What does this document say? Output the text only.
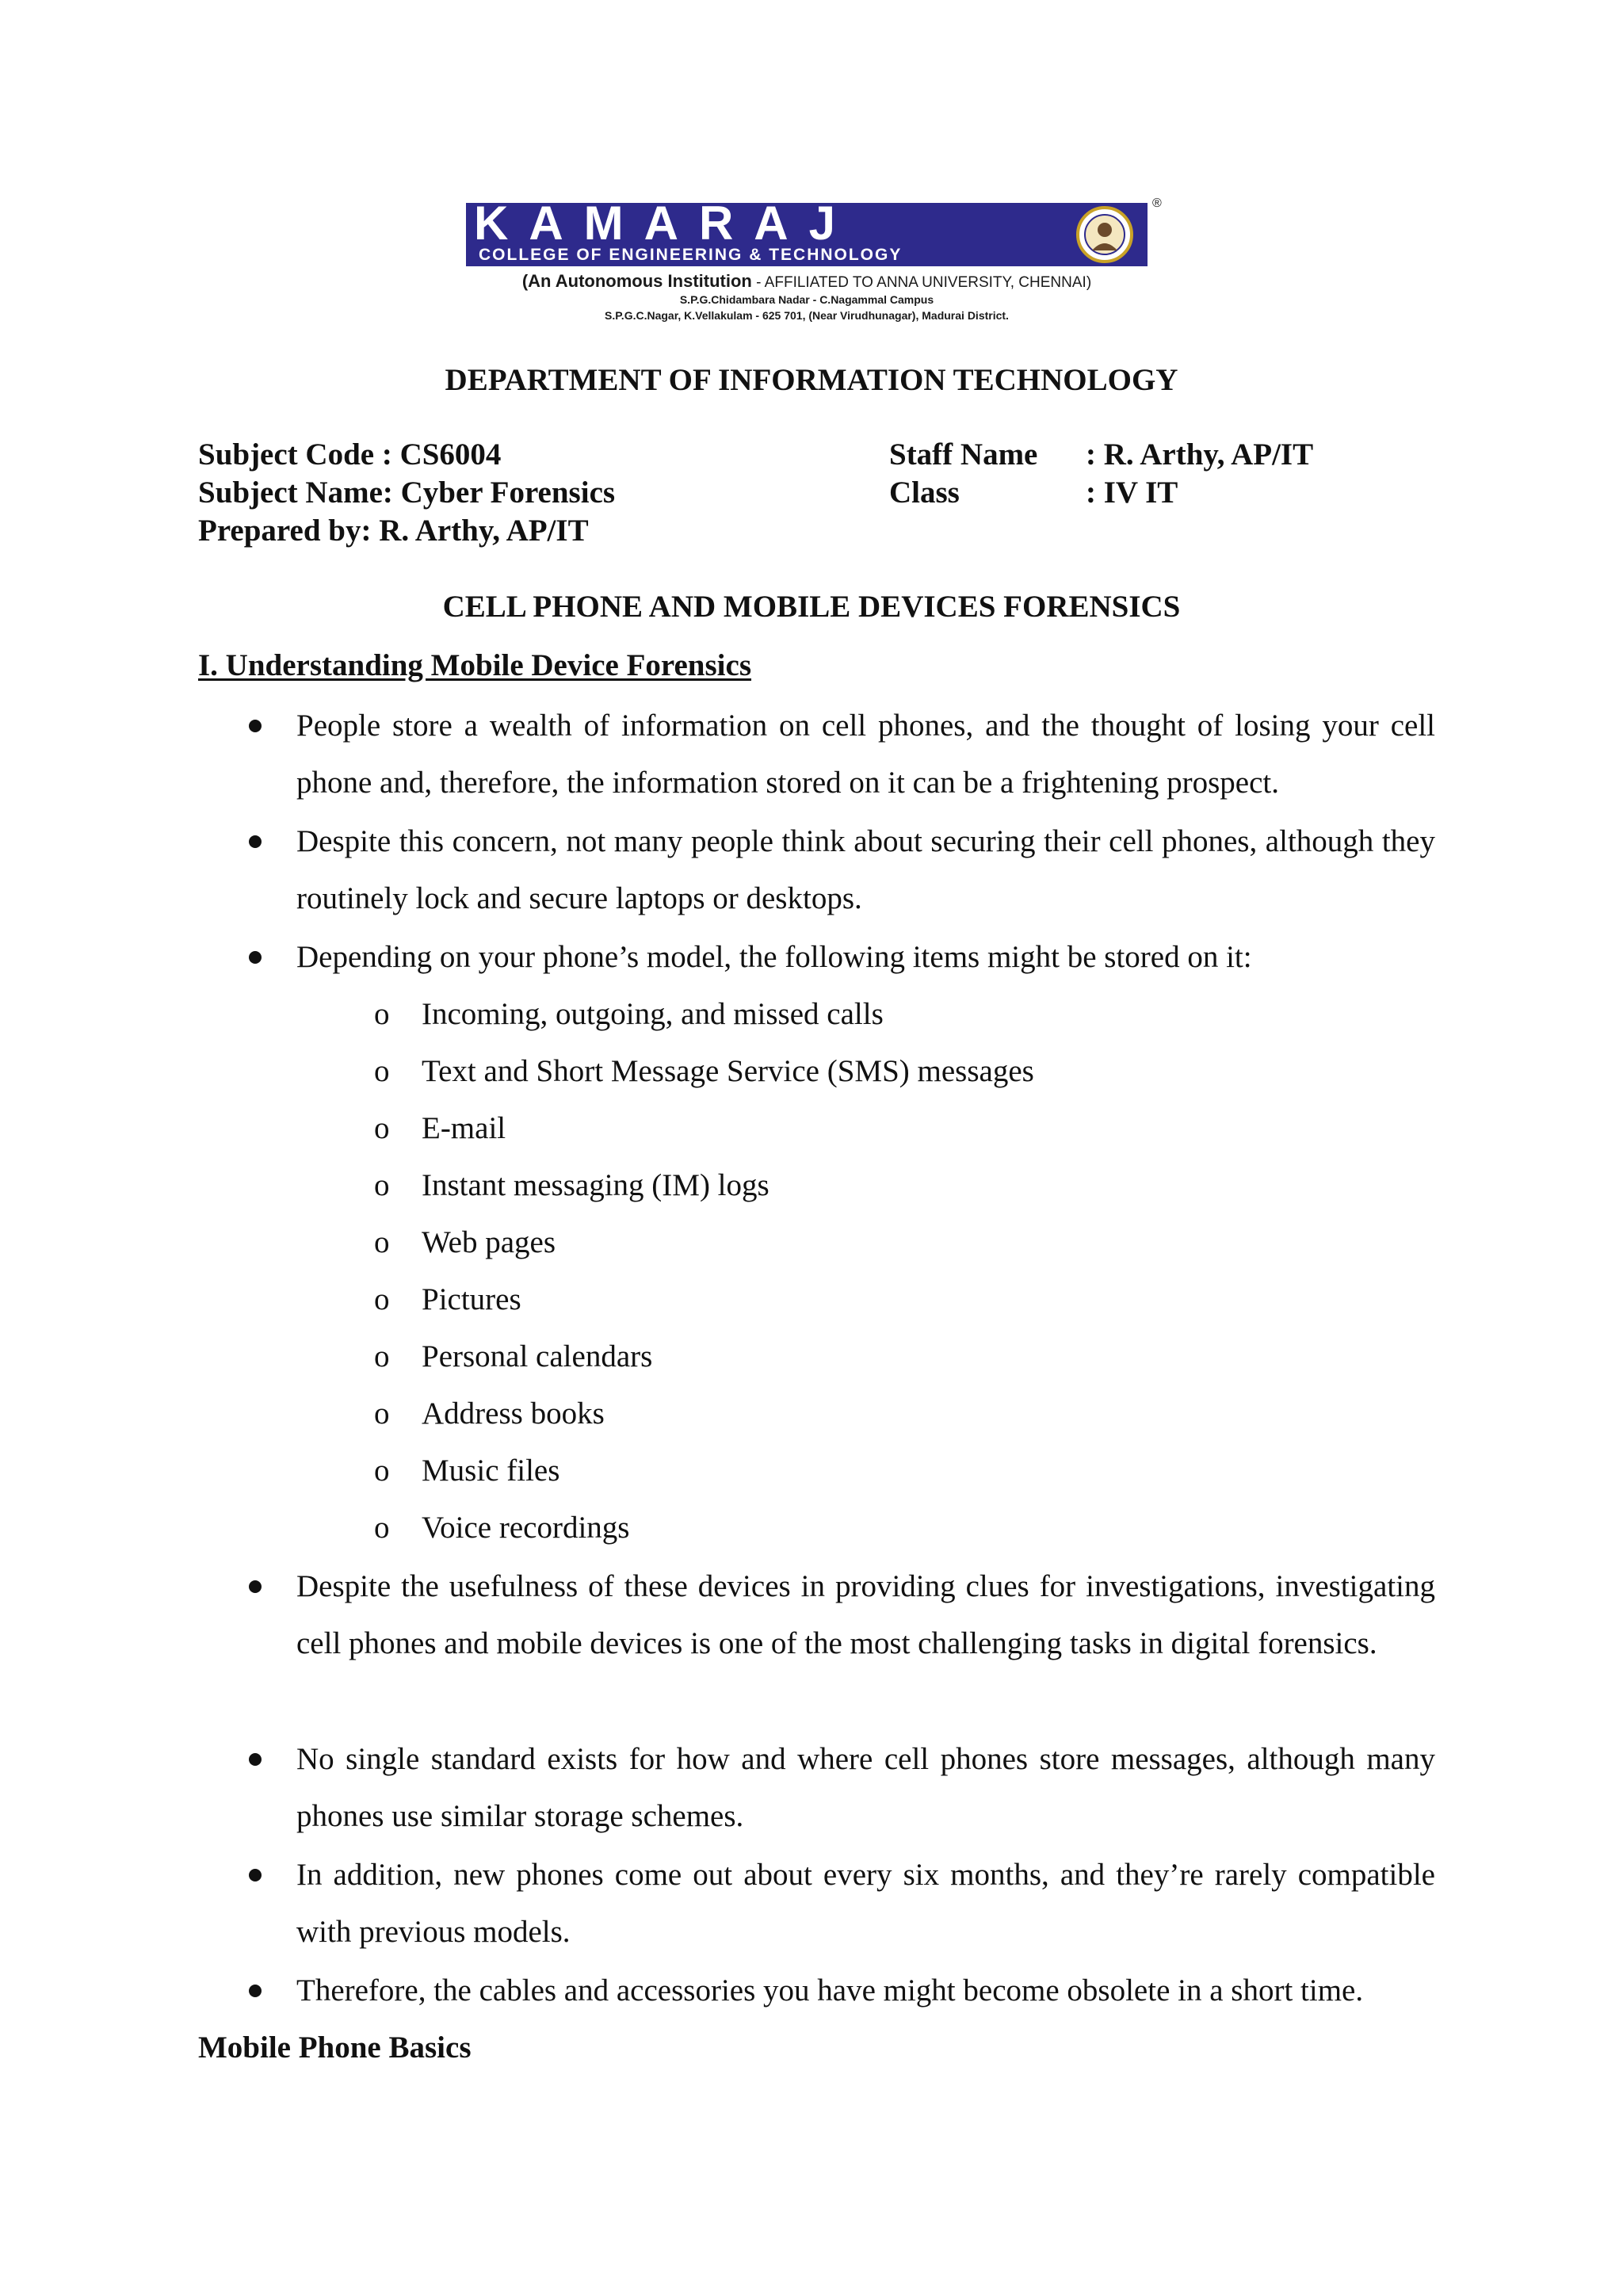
KAMARAJ
COLLEGE OF ENGINEERING & TECHNOLOGY
®
(An Autonomous Institution - AFFILIATED TO ANNA UNIVERSITY, CHENNAI)
S.P.G.Chidambara Nadar - C.Nagammal Campus
S.P.G.C.Nagar, K.Vellakulam - 625 701, (Near Virudhunagar), Madurai District.
DEPARTMENT OF INFORMATION TECHNOLOGY
Subject Code : CS6004
Subject Name: Cyber Forensics
Prepared by: R. Arthy, AP/IT
Staff Name : R. Arthy, AP/IT
Class	: IV IT
CELL PHONE AND MOBILE DEVICES FORENSICS
I. Understanding Mobile Device Forensics
People store a wealth of information on cell phones, and the thought of losing your cell phone and, therefore, the information stored on it can be a frightening prospect.
Despite this concern, not many people think about securing their cell phones, although they routinely lock and secure laptops or desktops.
Depending on your phone’s model, the following items might be stored on it:
o Incoming, outgoing, and missed calls
o Text and Short Message Service (SMS) messages
o E-mail
o Instant messaging (IM) logs
o Web pages
o Pictures
o Personal calendars
o Address books
o Music files
o Voice recordings
Despite the usefulness of these devices in providing clues for investigations, investigating cell phones and mobile devices is one of the most challenging tasks in digital forensics.
No single standard exists for how and where cell phones store messages, although many phones use similar storage schemes.
In addition, new phones come out about every six months, and they’re rarely compatible with previous models.
Therefore, the cables and accessories you have might become obsolete in a short time.
Mobile Phone Basics
